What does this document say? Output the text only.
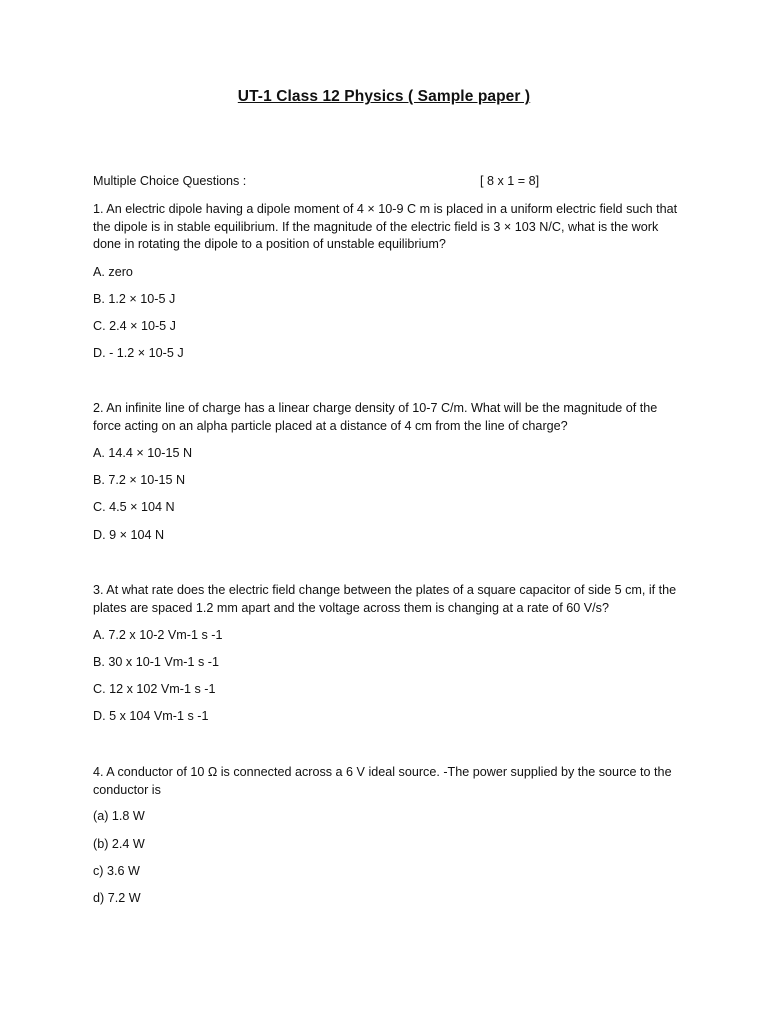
UT-1 Class 12 Physics ( Sample paper )
Multiple Choice Questions :	[ 8 x 1 = 8]
1. An electric dipole having a dipole moment of 4 × 10-9 C m is placed in a uniform electric field such that the dipole is in stable equilibrium. If the magnitude of the electric field is 3 × 103 N/C, what is the work done in rotating the dipole to a position of unstable equilibrium?
A. zero
B. 1.2 × 10-5 J
C. 2.4 × 10-5 J
D. - 1.2 × 10-5 J
2. An infinite line of charge has a linear charge density of 10-7 C/m. What will be the magnitude of the force acting on an alpha particle placed at a distance of 4 cm from the line of charge?
A. 14.4 × 10-15 N
B. 7.2 × 10-15 N
C. 4.5 × 104 N
D. 9 × 104 N
3. At what rate does the electric field change between the plates of a square capacitor of side 5 cm, if the plates are spaced 1.2 mm apart and the voltage across them is changing at a rate of 60 V/s?
A. 7.2 x 10-2 Vm-1 s -1
B. 30 x 10-1 Vm-1 s -1
C. 12 x 102 Vm-1 s -1
D. 5 x 104 Vm-1 s -1
4. A conductor of 10 Ω is connected across a 6 V ideal source. -The power supplied by the source to the conductor is
(a) 1.8 W
(b) 2.4 W
c) 3.6 W
d) 7.2 W
